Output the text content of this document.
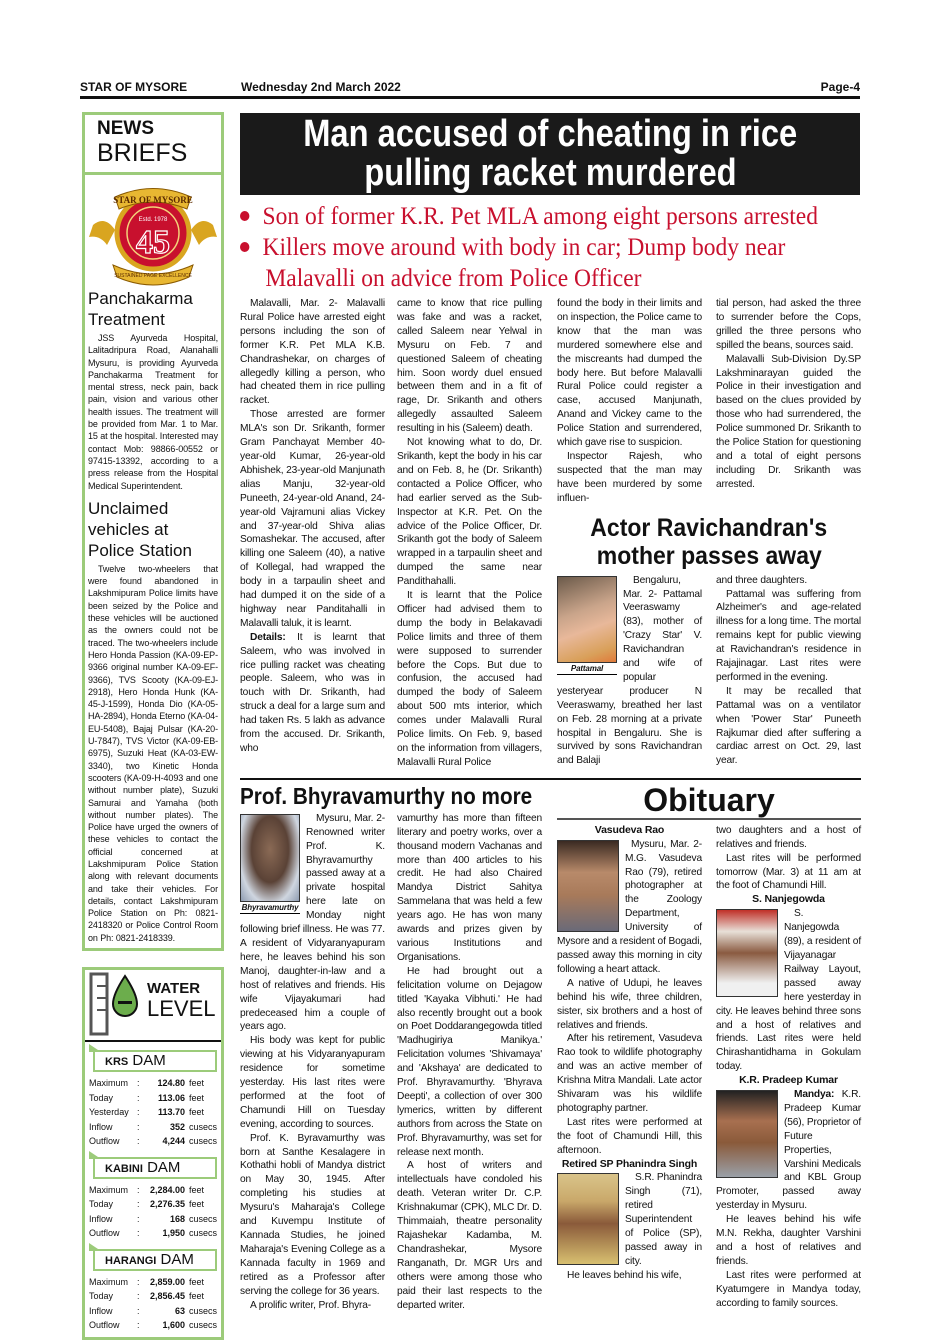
STAR OF MYSORE	Wednesday 2nd March 2022	Page-4
NEWS
BRIEFS
STAR OF MYSORE
Estd. 1978
45
SUSTAINED PAGE EXCELLENCE
Panchakarma Treatment

JSS Ayurveda Hospital, Lalitadripura Road, Alanahalli Mysuru, is providing Ayurveda Panchakarma Treatment for mental stress, neck pain, back pain, vision and various other health issues. The treatment will be provided from Mar. 1 to Mar. 15 at the hospital. Interested may contact Mob: 98866-00552 or 97415-13392, according to a press release from the Hospital Medical Superintendent.

Unclaimed vehicles at Police Station

Twelve two-wheelers that were found abandoned in Lakshmipuram Police limits have been seized by the Police and these vehicles will be auctioned as the owners could not be traced. The two-wheelers include Hero Honda Passion (KA-09-EP-9366 original number KA-09-EF-9366), TVS Scooty (KA-09-EJ-2918), Hero Honda Hunk (KA-45-J-1599), Honda Dio (KA-05-HA-2894), Honda Eterno (KA-04-EU-5408), Bajaj Pulsar (KA-20-U-7847), TVS Victor (KA-09-EB-6975), Suzuki Heat (KA-03-EW-3340), two Kinetic Honda scooters (KA-09-H-4093 and one without number plate), Suzuki Samurai and Yamaha (both without number plates). The Police have urged the owners of these vehicles to contact the official concerned at Lakshmipuram Police Station along with relevant documents and take their vehicles. For details, contact Lakshmipuram Police Station on Ph: 0821-2418320 or Police Control Room on Ph: 0821-2418339.

WATER
LEVEL
KRS DAM
Maximum :	124.80 feet
Today	:	113.06 feet
Yesterday :	113.70 feet
Inflow	:	352 cusecs
Outflow	:	4,244 cusecs
KABINI DAM
Maximum :	2,284.00 feet
Today	:	2,276.35 feet
Inflow	:	168 cusecs
Outflow	:	1,950 cusecs
HARANGI DAM
Maximum :	2,859.00 feet
Today	:	2,856.45 feet
Inflow	:	63 cusecs
Outflow	:	1,600 cusecs
Man accused of cheating in rice
pulling racket murdered
Son of former K.R. Pet MLA among eight persons arrested
Killers move around with body in car; Dump body near
Malavalli on advice from Police Officer

Malavalli, Mar. 2- Malavalli Rural Police have arrested eight persons including the son of former K.R. Pet MLA K.B. Chandrashekar, on charges of allegedly killing a person, who had cheated them in rice pulling racket.

Those arrested are former MLA's son Dr. Srikanth, former Gram Panchayat Member 40-year-old Kumar, 26-year-old Abhishek, 23-year-old Manjunath alias Manju, 32-year-old Puneeth, 24-year-old Anand, 24-year-old Vajramuni alias Vickey and 37-year-old Shiva alias Somashekar. The accused, after killing one Saleem (40), a native of Kollegal, had wrapped the body in a tarpaulin sheet and had dumped it on the side of a highway near Panditahalli in Malavalli taluk, it is learnt.

Details: It is learnt that Saleem, who was involved in rice pulling racket was cheating people. Saleem, who was in touch with Dr. Srikanth, had struck a deal for a large sum and had taken Rs. 5 lakh as advance from the accused. Dr. Srikanth, who

came to know that rice pulling was fake and was a racket, called Saleem near Yelwal in Mysuru on Feb. 7 and questioned Saleem of cheating him. Soon wordy duel ensued between them and in a fit of rage, Dr. Srikanth and others allegedly assaulted Saleem resulting in his (Saleem) death.

Not knowing what to do, Dr. Srikanth, kept the body in his car and on Feb. 8, he (Dr. Srikanth) contacted a Police Officer, who had earlier served as the Sub-Inspector at K.R. Pet. On the advice of the Police Officer, Dr. Srikanth got the body of Saleem wrapped in a tarpaulin sheet and dumped the same near Pandithahalli.

It is learnt that the Police Officer had advised them to dump the body in Belakavadi Police limits and three of them were supposed to surrender before the Cops. But due to confusion, the accused had dumped the body of Saleem about 500 mts interior, which comes under Malavalli Rural Police limits. On Feb. 9, based on the information from villagers, Malavalli Rural Police

found the body in their limits and on inspection, the Police came to know that the man was murdered somewhere else and the miscreants had dumped the body here. But before Malavalli Rural Police could register a case, accused Manjunath, Anand and Vickey came to the Police Station and surrendered, which gave rise to suspicion.

Inspector Rajesh, who suspected that the man may have been murdered by some influen-

tial person, had asked the three to surrender before the Cops, grilled the three persons who spilled the beans, sources said.

Malavalli Sub-Division Dy.SP Lakshminarayan guided the Police in their investigation and based on the clues provided by those who had surrendered, the Police summoned Dr. Srikanth to the Police Station for questioning and a total of eight persons including Dr. Srikanth was arrested.

Actor Ravichandran's
mother passes away
Pattamal

Bengaluru, Mar. 2- Pattamal Veeraswamy (83), mother of 'Crazy Star' V. Ravichandran and wife of popular yesteryear producer N Veeraswamy, breathed her last on Feb. 28 morning at a private hospital in Bengaluru. She is survived by sons Ravichandran and Balaji

and three daughters.

Pattamal was suffering from Alzheimer's and age-related illness for a long time. The mortal remains kept for public viewing at Ravichandran's residence in Rajajinagar. Last rites were performed in the evening.

It may be recalled that Pattamal was on a ventilator when 'Power Star' Puneeth Rajkumar died after suffering a cardiac arrest on Oct. 29, last year.

Prof. Bhyravamurthy no more
Bhyravamurthy

Mysuru, Mar. 2- Renowned writer Prof. K. Bhyravamurthy passed away at a private hospital here late on Monday night following brief illness. He was 77. A resident of Vidyaranyapuram here, he leaves behind his son Manoj, daughter-in-law and a host of relatives and friends. His wife Vijayakumari had predeceased him a couple of years ago.

His body was kept for public viewing at his Vidyaranyapuram residence for sometime yesterday. His last rites were performed at the foot of Chamundi Hill on Tuesday evening, according to sources.

Prof. K. Byravamurthy was born at Santhe Kesalagere in Kothathi hobli of Mandya district on May 30, 1945. After completing his studies at Mysuru's Maharaja's College and Kuvempu Institute of Kannada Studies, he joined Maharaja's Evening College as a Kannada faculty in 1969 and retired as a Professor after serving the college for 36 years.

A prolific writer, Prof. Bhyra-

vamurthy has more than fifteen literary and poetry works, over a thousand modern Vachanas and more than 400 articles to his credit. He had also Chaired Mandya District Sahitya Sammelana that was held a few years ago. He has won many awards and prizes given by various Institutions and Organisations.

He had brought out a felicitation volume on Dejagow titled 'Kayaka Vibhuti.' He had also recently brought out a book on Poet Doddarangegowda titled 'Madhugiriya Manikya.' Felicitation volumes 'Shivamaya' and 'Akshaya' are dedicated to Prof. Bhyravamurthy. 'Bhyrava Deepti', a collection of over 300 lymerics, written by different authors from across the State on Prof. Bhyravamurthy, was set for release next month.

A host of writers and intellectuals have condoled his death. Veteran writer Dr. C.P. Krishnakumar (CPK), MLC Dr. D. Thimmaiah, theatre personality Rajashekar Kadamba, M. Chandrashekar, Mysore Ranganath, Dr. MGR Urs and others were among those who paid their last respects to the departed writer.

Obituary
Vasudeva Rao

Mysuru, Mar. 2- M.G. Vasudeva Rao (79), retired photographer at the Zoology Department, University of Mysore and a resident of Bogadi, passed away this morning in city following a heart attack.

A native of Udupi, he leaves behind his wife, three children, sister, six brothers and a host of relatives and friends.

After his retirement, Vasudeva Rao took to wildlife photography and was an active member of Krishna Mitra Mandali. Late actor Shivaram was his wildlife photography partner.

Last rites were performed at the foot of Chamundi Hill, this afternoon.

Retired SP Phanindra Singh

S.R. Phanindra Singh (71), retired Superintendent of Police (SP), passed away in city.

He leaves behind his wife,

two daughters and a host of relatives and friends.

Last rites will be performed tomorrow (Mar. 3) at 11 am at the foot of Chamundi Hill.

S. Nanjegowda

S. Nanjegowda (89), a resident of Vijayanagar Railway Layout, passed away here yesterday in city. He leaves behind three sons and a host of relatives and friends. Last rites were held Chirashantidhama in Gokulam today.

K.R. Pradeep Kumar

Mandya: K.R. Pradeep Kumar (56), Proprietor of Future Properties, Varshini Medicals and KBL Group Promoter, passed away yesterday in Mysuru.

He leaves behind his wife M.N. Rekha, daughter Varshini and a host of relatives and friends.

Last rites were performed at Kyatumgere in Mandya today, according to family sources.
